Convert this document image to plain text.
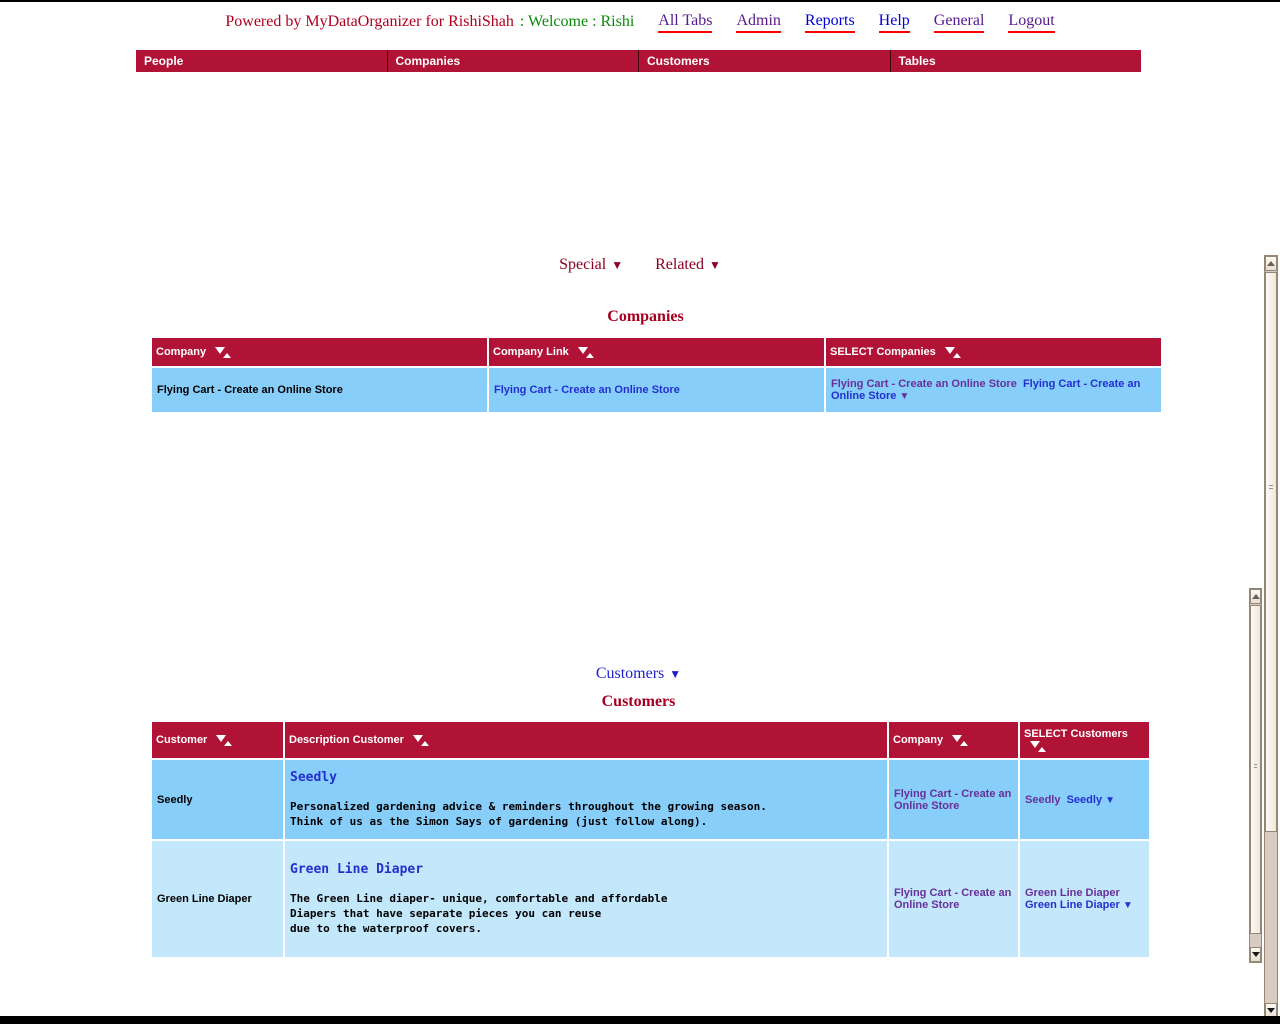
Powered by MyDataOrganizer for RishiShah : Welcome : Rishi All Tabs Admin Reports Help General Logout
People	Companies	Customers	Tables
Special ▼ Related ▼
Companies
Company	Company Link	SELECT Companies

Flying Cart - Create an Online Store	Flying Cart - Create an Online Store	Flying Cart - Create an Online Store Flying Cart - Create an Online Store ▼
Customers ▼
Customers
Customer	Description Customer	Company	SELECT Customers

Seedly	Seedly
Personalized gardening advice & reminders throughout the growing season.
Think of us as the Simon Says of gardening (just follow along).	Flying Cart - Create an Online Store	Seedly Seedly ▼
Green Line Diaper	Green Line Diaper
The Green Line diaper- unique, comfortable and affordable
Diapers that have separate pieces you can reuse
due to the waterproof covers.	Flying Cart - Create an Online Store	Green Line Diaper  Green Line Diaper ▼
